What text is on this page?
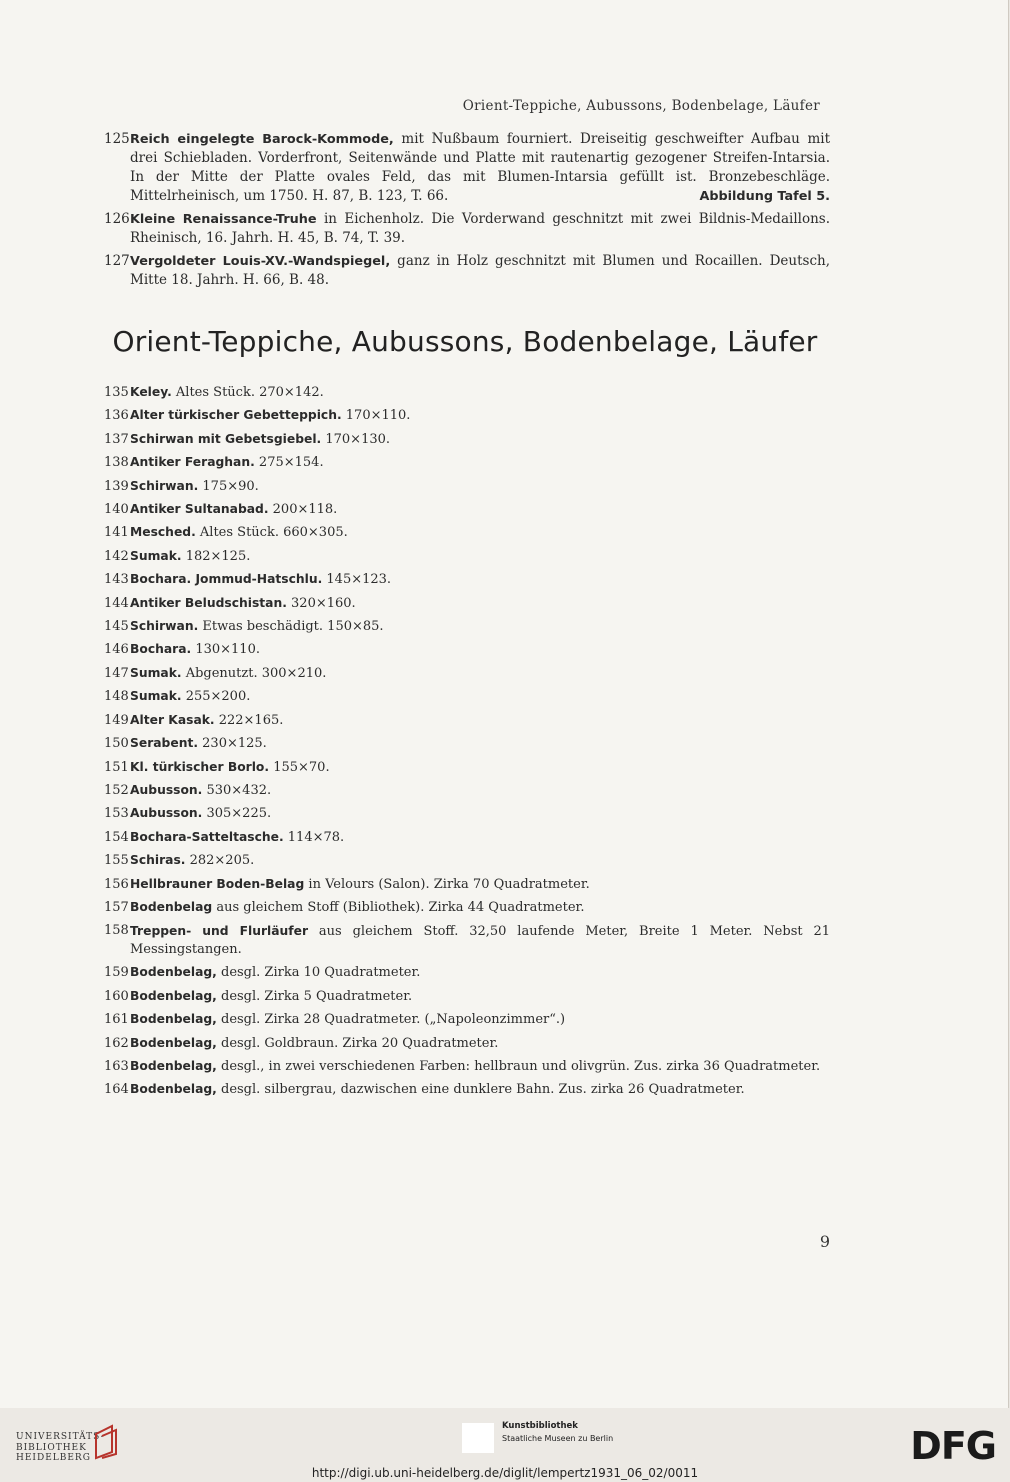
Orient-Teppiche, Aubussons, Bodenbelage, Läufer
125 Reich eingelegte Barock-Kommode, mit Nußbaum fourniert. Dreiseitig geschweifter Aufbau mit drei Schiebladen. Vorderfront, Seitenwände und Platte mit rautenartig gezogener Streifen-Intarsia. In der Mitte der Platte ovales Feld, das mit Blumen-Intarsia gefüllt ist. Bronzebeschläge. Mittelrheinisch, um 1750. H. 87, B. 123, T. 66.	Abbildung Tafel 5.
126 Kleine Renaissance-Truhe in Eichenholz. Die Vorderwand geschnitzt mit zwei Bildnis-Medaillons. Rheinisch, 16. Jahrh. H. 45, B. 74, T. 39.
127 Vergoldeter Louis-XV.-Wandspiegel, ganz in Holz geschnitzt mit Blumen und Rocaillen. Deutsch, Mitte 18. Jahrh. H. 66, B. 48.
Orient-Teppiche, Aubussons, Bodenbelage, Läufer
135 Keley. Altes Stück. 270×142.
136 Alter türkischer Gebetteppich. 170×110.
137 Schirwan mit Gebetsgiebel. 170×130.
138 Antiker Feraghan. 275×154.
139 Schirwan. 175×90.
140 Antiker Sultanabad. 200×118.
141 Mesched. Altes Stück. 660×305.
142 Sumak. 182×125.
143 Bochara. Jommud-Hatschlu. 145×123.
144 Antiker Beludschistan. 320×160.
145 Schirwan. Etwas beschädigt. 150×85.
146 Bochara. 130×110.
147 Sumak. Abgenutzt. 300×210.
148 Sumak. 255×200.
149 Alter Kasak. 222×165.
150 Serabent. 230×125.
151 Kl. türkischer Borlo. 155×70.
152 Aubusson. 530×432.
153 Aubusson. 305×225.
154 Bochara-Satteltasche. 114×78.
155 Schiras. 282×205.
156 Hellbrauner Boden-Belag in Velours (Salon). Zirka 70 Quadratmeter.
157 Bodenbelag aus gleichem Stoff (Bibliothek). Zirka 44 Quadratmeter.
158 Treppen- und Flurläufer aus gleichem Stoff. 32,50 laufende Meter, Breite 1 Meter. Nebst 21 Messingstangen.
159 Bodenbelag, desgl. Zirka 10 Quadratmeter.
160 Bodenbelag, desgl. Zirka 5 Quadratmeter.
161 Bodenbelag, desgl. Zirka 28 Quadratmeter. („Napoleonzimmer“.)
162 Bodenbelag, desgl. Goldbraun. Zirka 20 Quadratmeter.
163 Bodenbelag, desgl., in zwei verschiedenen Farben: hellbraun und olivgrün. Zus. zirka 36 Quadratmeter.
164 Bodenbelag, desgl. silbergrau, dazwischen eine dunklere Bahn. Zus. zirka 26 Quadratmeter.
9
UNIVERSITÄTS-
BIBLIOTHEK
HEIDELBERG
Kunstbibliothek
Staatliche Museen zu Berlin	DFG
http://digi.ub.uni-heidelberg.de/diglit/lempertz1931_06_02/0011
